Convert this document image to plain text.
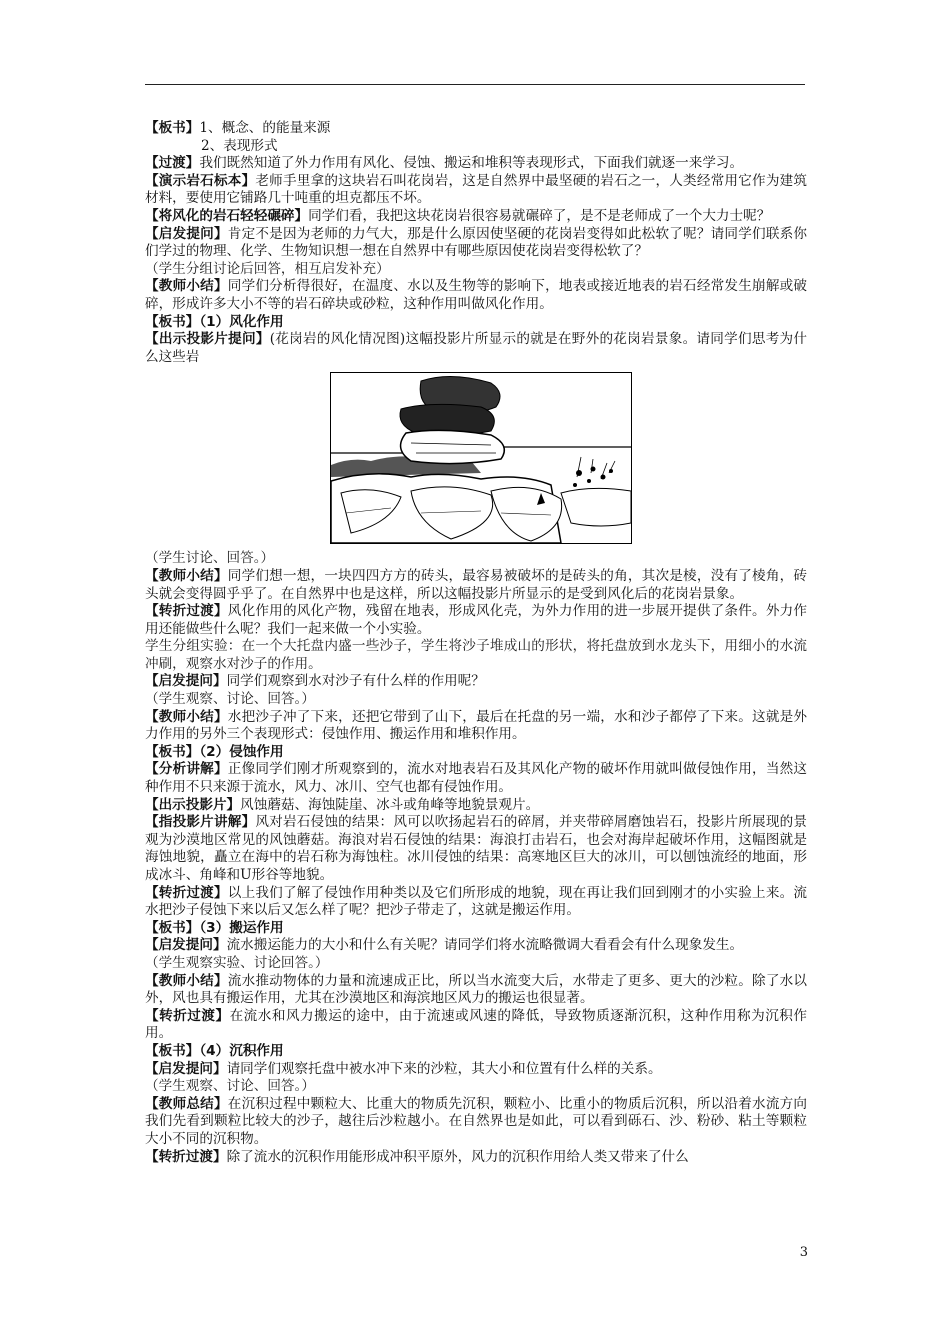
【板书】1、概念、的能量来源
2、表现形式
【过渡】我们既然知道了外力作用有风化、侵蚀、搬运和堆积等表现形式，下面我们就逐一来学习。
【演示岩石标本】老师手里拿的这块岩石叫花岗岩，这是自然界中最坚硬的岩石之一，人类经常用它作为建筑材料，要使用它铺路几十吨重的坦克都压不坏。
【将风化的岩石轻轻碾碎】同学们看，我把这块花岗岩很容易就碾碎了，是不是老师成了一个大力士呢？
【启发提问】肯定不是因为老师的力气大，那是什么原因使坚硬的花岗岩变得如此松软了呢？请同学们联系你们学过的物理、化学、生物知识想一想在自然界中有哪些原因使花岗岩变得松软了？
（学生分组讨论后回答，相互启发补充）
【教师小结】同学们分析得很好，在温度、水以及生物等的影响下，地表或接近地表的岩石经常发生崩解或破碎，形成许多大小不等的岩石碎块或砂粒，这种作用叫做风化作用。
【板书】（1）风化作用
【出示投影片提问】(花岗岩的风化情况图)这幅投影片所显示的就是在野外的花岗岩景象。请同学们思考为什么这些岩
（学生讨论、回答。）
【教师小结】同学们想一想，一块四四方方的砖头，最容易被破坏的是砖头的角，其次是棱，没有了棱角，砖头就会变得圆乎乎了。在自然界中也是这样，所以这幅投影片所显示的是受到风化后的花岗岩景象。
【转折过渡】风化作用的风化产物，残留在地表，形成风化壳，为外力作用的进一步展开提供了条件。外力作用还能做些什么呢？我们一起来做一个小实验。
学生分组实验：在一个大托盘内盛一些沙子，学生将沙子堆成山的形状，将托盘放到水龙头下，用细小的水流冲刷，观察水对沙子的作用。
【启发提问】同学们观察到水对沙子有什么样的作用呢？
（学生观察、讨论、回答。）
【教师小结】水把沙子冲了下来，还把它带到了山下，最后在托盘的另一端，水和沙子都停了下来。这就是外力作用的另外三个表现形式：侵蚀作用、搬运作用和堆积作用。
【板书】（2）侵蚀作用
【分析讲解】正像同学们刚才所观察到的，流水对地表岩石及其风化产物的破坏作用就叫做侵蚀作用，当然这种作用不只来源于流水，风力、冰川、空气也都有侵蚀作用。
【出示投影片】风蚀蘑菇、海蚀陡崖、冰斗或角峰等地貌景观片。
【指投影片讲解】风对岩石侵蚀的结果：风可以吹扬起岩石的碎屑，并夹带碎屑磨蚀岩石，投影片所展现的景观为沙漠地区常见的风蚀蘑菇。海浪对岩石侵蚀的结果：海浪打击岩石，也会对海岸起破坏作用，这幅图就是海蚀地貌，矗立在海中的岩石称为海蚀柱。冰川侵蚀的结果：高寒地区巨大的冰川，可以刨蚀流经的地面，形成冰斗、角峰和U形谷等地貌。
【转折过渡】以上我们了解了侵蚀作用种类以及它们所形成的地貌，现在再让我们回到刚才的小实验上来。流水把沙子侵蚀下来以后又怎么样了呢？把沙子带走了，这就是搬运作用。
【板书】（3）搬运作用
【启发提问】流水搬运能力的大小和什么有关呢？请同学们将水流略微调大看看会有什么现象发生。
（学生观察实验、讨论回答。）
【教师小结】流水推动物体的力量和流速成正比，所以当水流变大后，水带走了更多、更大的沙粒。除了水以外，风也具有搬运作用，尤其在沙漠地区和海滨地区风力的搬运也很显著。
【转折过渡】在流水和风力搬运的途中，由于流速或风速的降低，导致物质逐渐沉积，这种作用称为沉积作用。
【板书】（4）沉积作用
【启发提问】请同学们观察托盘中被水冲下来的沙粒，其大小和位置有什么样的关系。
（学生观察、讨论、回答。）
【教师总结】在沉积过程中颗粒大、比重大的物质先沉积，颗粒小、比重小的物质后沉积，所以沿着水流方向我们先看到颗粒比较大的沙子，越往后沙粒越小。在自然界也是如此，可以看到砾石、沙、粉砂、粘土等颗粒大小不同的沉积物。
【转折过渡】除了流水的沉积作用能形成冲积平原外，风力的沉积作用给人类又带来了什么
3
